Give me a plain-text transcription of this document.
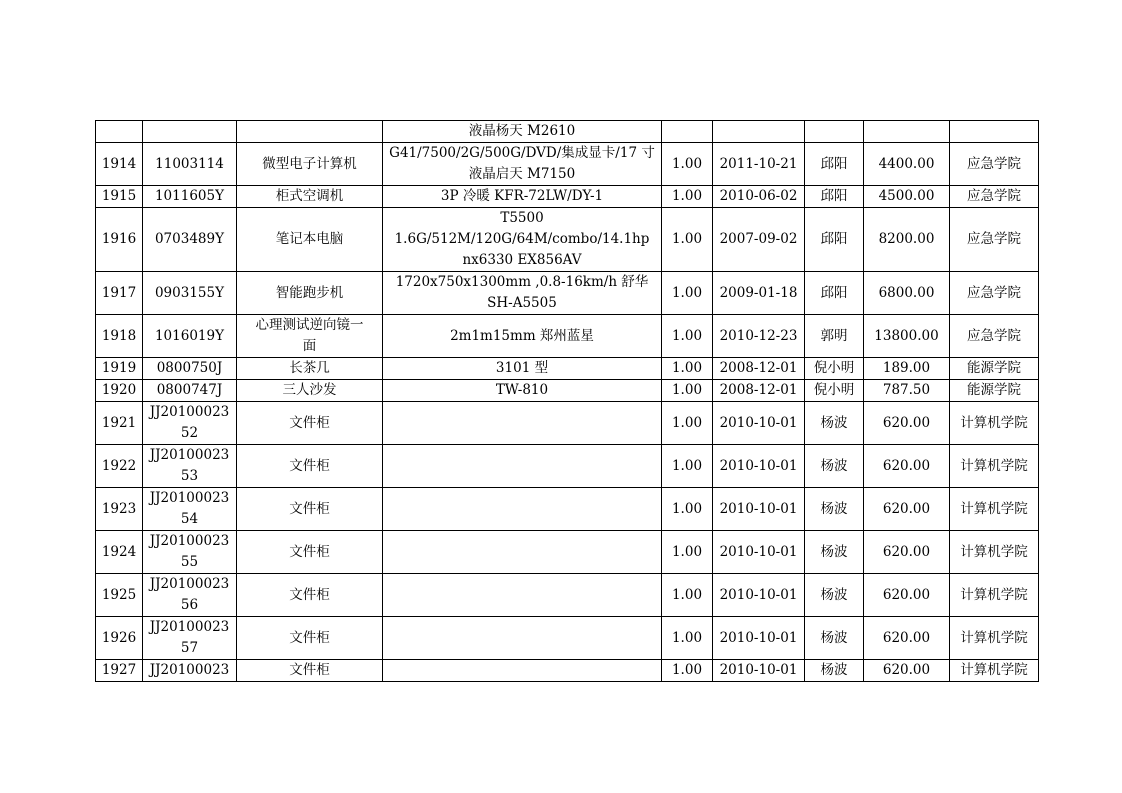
			液晶杨天 M2610					
1914	11003114	微型电子计算机	G41/7500/2G/500G/DVD/集成显卡/17 寸
液晶启天 M7150	1.00	2011-10-21	邱阳	4400.00	应急学院
1915	1011605Y	柜式空调机	3P 冷暖 KFR-72LW/DY-1	1.00	2010-06-02	邱阳	4500.00	应急学院
1916	0703489Y	笔记本电脑	T5500
1.6G/512M/120G/64M/combo/14.1hp
nx6330 EX856AV	1.00	2007-09-02	邱阳	8200.00	应急学院
1917	0903155Y	智能跑步机	1720x750x1300mm ,0.8-16km/h 舒华
SH-A5505	1.00	2009-01-18	邱阳	6800.00	应急学院
1918	1016019Y	心理测试逆向镜一
面	2m1m15mm 郑州蓝星	1.00	2010-12-23	郭明	13800.00	应急学院
1919	0800750J	长茶几	3101 型	1.00	2008-12-01	倪小明	189.00	能源学院
1920	0800747J	三人沙发	TW-810	1.00	2008-12-01	倪小明	787.50	能源学院
1921	JJ20100023
52	文件柜		1.00	2010-10-01	杨波	620.00	计算机学院
1922	JJ20100023
53	文件柜		1.00	2010-10-01	杨波	620.00	计算机学院
1923	JJ20100023
54	文件柜		1.00	2010-10-01	杨波	620.00	计算机学院
1924	JJ20100023
55	文件柜		1.00	2010-10-01	杨波	620.00	计算机学院
1925	JJ20100023
56	文件柜		1.00	2010-10-01	杨波	620.00	计算机学院
1926	JJ20100023
57	文件柜		1.00	2010-10-01	杨波	620.00	计算机学院
1927	JJ20100023	文件柜		1.00	2010-10-01	杨波	620.00	计算机学院
